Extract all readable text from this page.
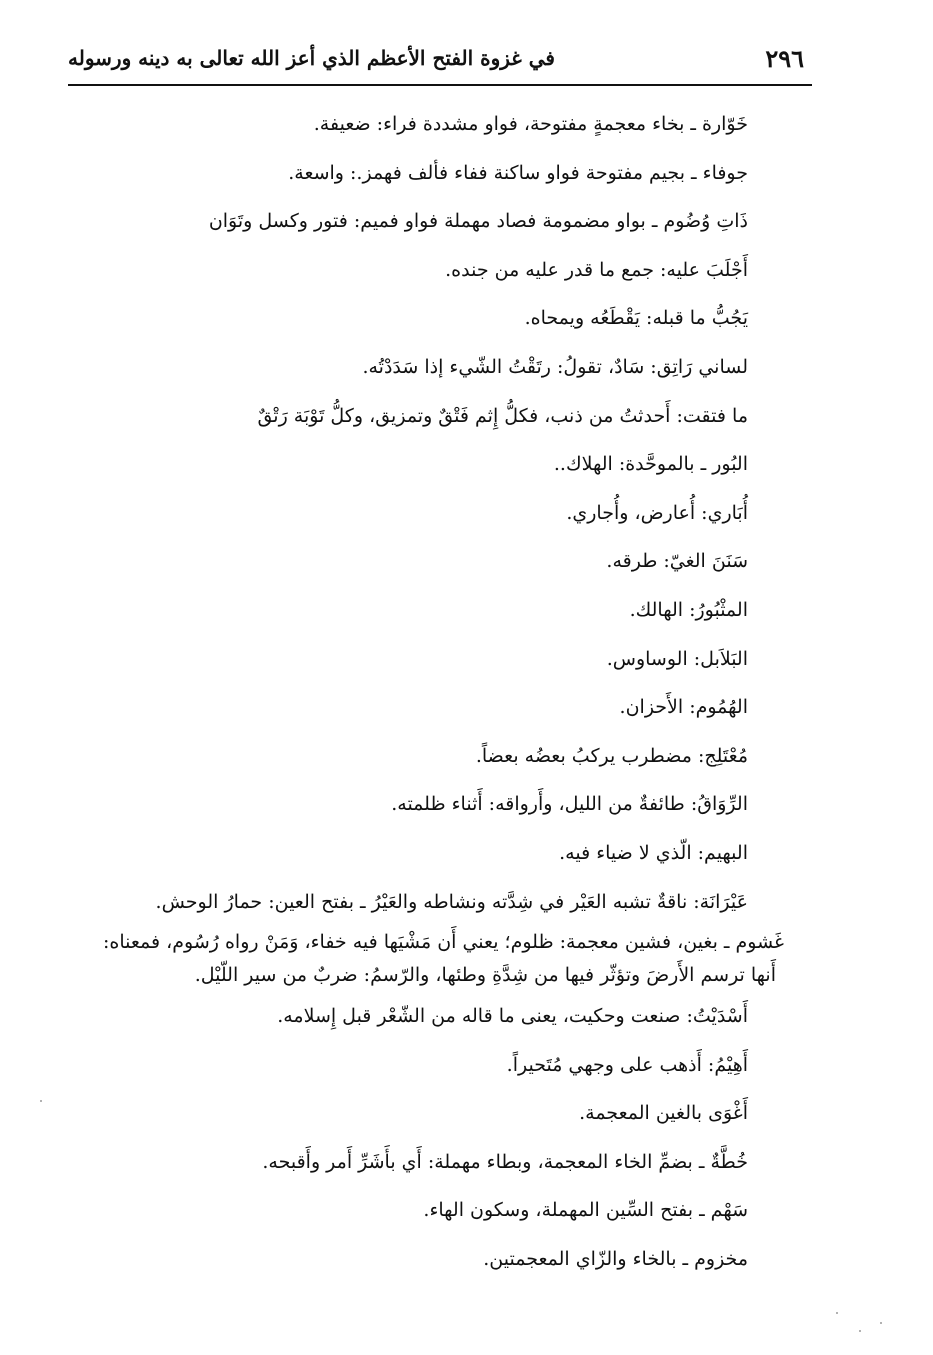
٢٩٦
في غزوة الفتح الأعظم الذي أعز الله تعالى به دينه ورسوله
خَوّارة ـ بخاء معجمةٍ مفتوحة، فواو مشددة فراء: ضعيفة.
جوفاء ـ بجيم مفتوحة فواو ساكنة ففاء فألف فهمز.: واسعة.
ذَاتِ وُضُوم ـ بواو مضمومة فصاد مهملة فواو فميم: فتور وكسل وتَوَان
أَجْلَبَ عليه: جمع ما قدر عليه من جنده.
يَجُبُّ ما قبله: يَقْطَعُه ويمحاه.
لساني رَاتِق: سَادٌ، تقولُ: رتَقْتُ الشّيء إذا سَدَدْتُه.
ما فتقت: أَحدثتُ من ذنب، فكلُّ إِثم فَتْقٌ وتمزيق، وكلُّ تَوْبَة رَتْقٌ
البُور ـ بالموحَّدة: الهلاك..
أُبَاري: أُعارض، وأُجاري.
سَنَنَ الغيّ: طرقه.
المثْبُورُ: الهالك.
البَلاَبل: الوساوس.
الهُمُوم: الأَحزان.
مُعْتَلِج: مضطرب يركبُ بعضُه بعضاً.
الرِّوَاقُ: طائفةٌ من الليل، وأَرواقه: أَثناء ظلمته.
البهيم: الّذي لا ضياء فيه.
عَيْرَانَة: ناقةٌ تشبه العَيْر في شِدَّته ونشاطه والعَيْرُ ـ بفتح العين: حمارُ الوحش.
غَشوم ـ بغين، فشين معجمة: ظلوم؛ يعني أَن مَشْيَها فيه خفاء، وَمَنْ رواه رُسُوم، فمعناه:
أَنها ترسم الأَرضَ وتؤثّر فيها من شِدَّةِ وطئها، والرّسمُ: ضربٌ من سير اللّيْل.
أَسْدَيْتُ: صنعت وحكيت، يعنى ما قاله من الشّعْر قبل إِسلامه.
أَهِيْمُ: أَذهب على وجهي مُتَحيراً.
أَغْوَى بالغين المعجمة.
خُطَّةٌ ـ بضمِّ الخاء المعجمة، وبطاء مهملة: أَي بأَشَرِّ أَمر وأَقبحه.
سَهْم ـ بفتح السِّين المهملة، وسكون الهاء.
مخزوم ـ بالخاء والزّاي المعجمتين.
